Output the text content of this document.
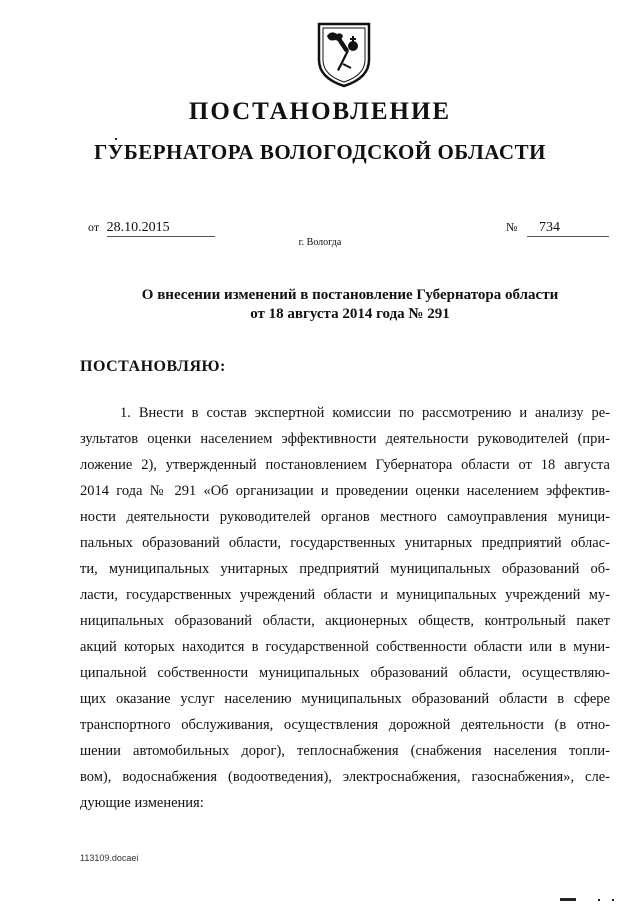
ПОСТАНОВЛЕНИЕ
ГУБЕРНАТОРА ВОЛОГОДСКОЙ ОБЛАСТИ
от 28.10.2015	№ 734
г. Вологда
О внесении изменений в постановление Губернатора области
от 18 августа 2014 года № 291
ПОСТАНОВЛЯЮ:
1. Внести в состав экспертной комиссии по рассмотрению и анализу ре-
зультатов оценки населением эффективности деятельности руководителей (при-
ложение 2), утвержденный постановлением Губернатора области от 18 августа
2014 года № 291 «Об организации и проведении оценки населением эффектив-
ности деятельности руководителей органов местного самоуправления муници-
пальных образований области, государственных унитарных предприятий облас-
ти, муниципальных унитарных предприятий муниципальных образований об-
ласти, государственных учреждений области и муниципальных учреждений му-
ниципальных образований области, акционерных обществ, контрольный пакет
акций которых находится в государственной собственности области или в муни-
ципальной собственности муниципальных образований области, осуществляю-
щих оказание услуг населению муниципальных образований области в сфере
транспортного обслуживания, осуществления дорожной деятельности (в отно-
шении автомобильных дорог), теплоснабжения (снабжения населения топли-
вом), водоснабжения (водоотведения), электроснабжения, газоснабжения», сле-
дующие изменения:
113109.docaei
